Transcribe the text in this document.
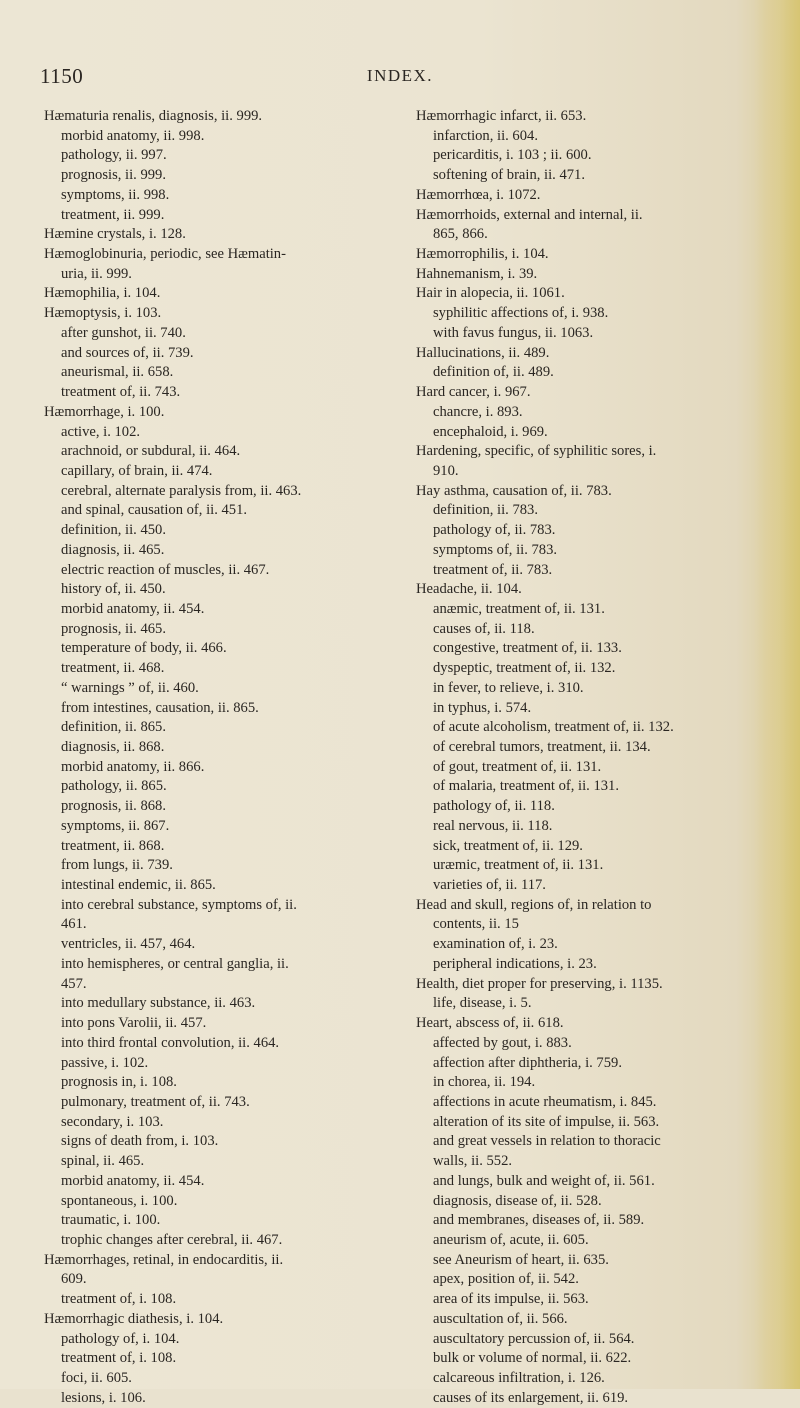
1150	INDEX.

Hæmaturia renalis, diagnosis, ii. 999.

morbid anatomy, ii. 998.

pathology, ii. 997.

prognosis, ii. 999.

symptoms, ii. 998.

treatment, ii. 999.

Hæmine crystals, i. 128.

Hæmoglobinuria, periodic, see Hæmatin-

uria, ii. 999.

Hæmophilia, i. 104.

Hæmoptysis, i. 103.

after gunshot, ii. 740.

and sources of, ii. 739.

aneurismal, ii. 658.

treatment of, ii. 743.

Hæmorrhage, i. 100.

active, i. 102.

arachnoid, or subdural, ii. 464.

capillary, of brain, ii. 474.

cerebral, alternate paralysis from, ii. 463.

and spinal, causation of, ii. 451.

definition, ii. 450.

diagnosis, ii. 465.

electric reaction of muscles, ii. 467.

history of, ii. 450.

morbid anatomy, ii. 454.

prognosis, ii. 465.

temperature of body, ii. 466.

treatment, ii. 468.

“ warnings ” of, ii. 460.

from intestines, causation, ii. 865.

definition, ii. 865.

diagnosis, ii. 868.

morbid anatomy, ii. 866.

pathology, ii. 865.

prognosis, ii. 868.

symptoms, ii. 867.

treatment, ii. 868.

from lungs, ii. 739.

intestinal endemic, ii. 865.

into cerebral substance, symptoms of, ii.

461.

ventricles, ii. 457, 464.

into hemispheres, or central ganglia, ii.

457.

into medullary substance, ii. 463.

into pons Varolii, ii. 457.

into third frontal convolution, ii. 464.

passive, i. 102.

prognosis in, i. 108.

pulmonary, treatment of, ii. 743.

secondary, i. 103.

signs of death from, i. 103.

spinal, ii. 465.

morbid anatomy, ii. 454.

spontaneous, i. 100.

traumatic, i. 100.

trophic changes after cerebral, ii. 467.

Hæmorrhages, retinal, in endocarditis, ii.

609.

treatment of, i. 108.

Hæmorrhagic diathesis, i. 104.

pathology of, i. 104.

treatment of, i. 108.

foci, ii. 605.

lesions, i. 106.

Hæmorrhagic infarct, ii. 653.

infarction, ii. 604.

pericarditis, i. 103 ; ii. 600.

softening of brain, ii. 471.

Hæmorrhœa, i. 1072.

Hæmorrhoids, external and internal, ii.

865, 866.

Hæmorrophilis, i. 104.

Hahnemanism, i. 39.

Hair in alopecia, ii. 1061.

syphilitic affections of, i. 938.

with favus fungus, ii. 1063.

Hallucinations, ii. 489.

definition of, ii. 489.

Hard cancer, i. 967.

chancre, i. 893.

encephaloid, i. 969.

Hardening, specific, of syphilitic sores, i.

910.

Hay asthma, causation of, ii. 783.

definition, ii. 783.

pathology of, ii. 783.

symptoms of, ii. 783.

treatment of, ii. 783.

Headache, ii. 104.

anæmic, treatment of, ii. 131.

causes of, ii. 118.

congestive, treatment of, ii. 133.

dyspeptic, treatment of, ii. 132.

in fever, to relieve, i. 310.

in typhus, i. 574.

of acute alcoholism, treatment of, ii. 132.

of cerebral tumors, treatment, ii. 134.

of gout, treatment of, ii. 131.

of malaria, treatment of, ii. 131.

pathology of, ii. 118.

real nervous, ii. 118.

sick, treatment of, ii. 129.

uræmic, treatment of, ii. 131.

varieties of, ii. 117.

Head and skull, regions of, in relation to

contents, ii. 15

examination of, i. 23.

peripheral indications, i. 23.

Health, diet proper for preserving, i. 1135.

life, disease, i. 5.

Heart, abscess of, ii. 618.

affected by gout, i. 883.

affection after diphtheria, i. 759.

in chorea, ii. 194.

affections in acute rheumatism, i. 845.

alteration of its site of impulse, ii. 563.

and great vessels in relation to thoracic

walls, ii. 552.

and lungs, bulk and weight of, ii. 561.

diagnosis, disease of, ii. 528.

and membranes, diseases of, ii. 589.

aneurism of, acute, ii. 605.

see Aneurism of heart, ii. 635.

apex, position of, ii. 542.

area of its impulse, ii. 563.

auscultation of, ii. 566.

auscultatory percussion of, ii. 564.

bulk or volume of normal, ii. 622.

calcareous infiltration, i. 126.

causes of its enlargement, ii. 619.
